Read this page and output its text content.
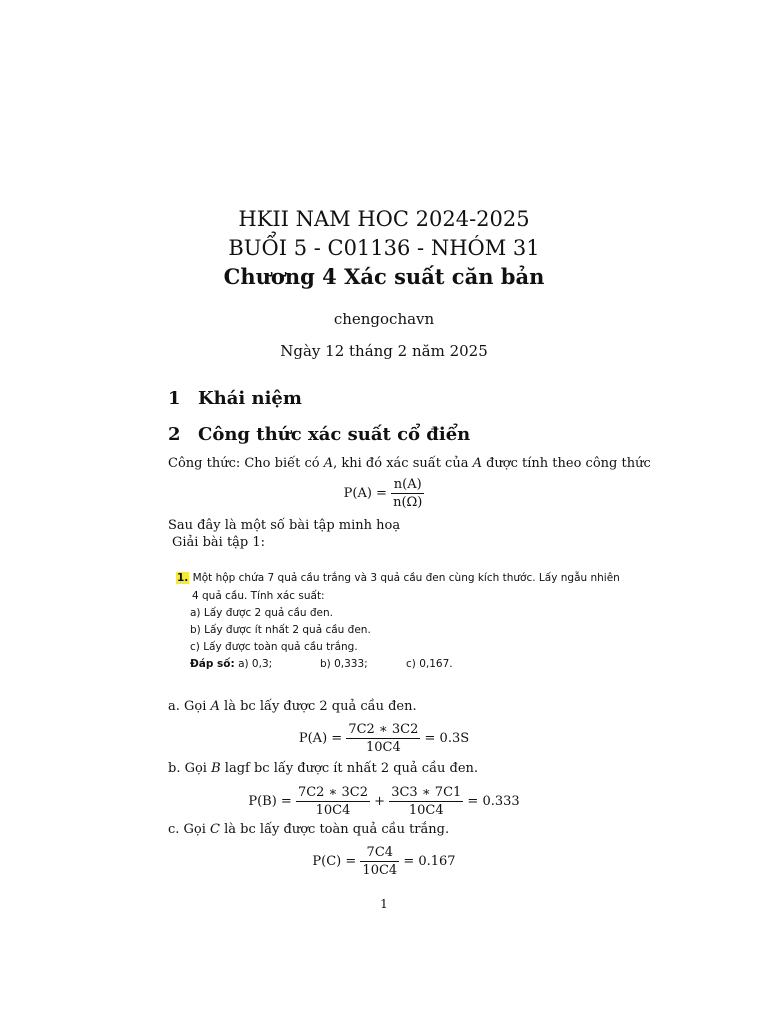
HKII NAM HOC 2024-2025
BUỔI 5 - C01136 - NHÓM 31
Chương 4 Xác suất căn bản
chengochavn
Ngày 12 tháng 2 năm 2025
1 Khái niệm
2 Công thức xác suất cổ điển
Công thức: Cho biết có A, khi đó xác suất của A được tính theo công thức
$P(A) = \frac{n(A)}{n(\Omega)}$
Sau đây là một số bài tập minh hoạ
Giải bài tập 1:
1. Một hộp chứa 7 quả cầu trắng và 3 quả cầu đen cùng kích thước. Lấy ngẫu nhiên
4 quả cầu. Tính xác suất:
a) Lấy được 2 quả cầu đen.
b) Lấy được ít nhất 2 quả cầu đen.
c) Lấy được toàn quả cầu trắng.
Đáp số: a) 0,3;	b) 0,333;	c) 0,167.
a. Gọi A là bc lấy được 2 quả cầu đen.
$P(A) = \frac{7C2 ∗ 3C2}{10C4} = 0.3S$
b. Gọi B lagf bc lấy được ít nhất 2 quả cầu đen.
$P(B) = \frac{7C2 ∗ 3C2}{10C4} + \frac{3C3 ∗ 7C1}{10C4} = 0.333$
c. Gọi C là bc lấy được toàn quả cầu trắng.
$P(C) = \frac{7C4}{10C4} = 0.167$
1
